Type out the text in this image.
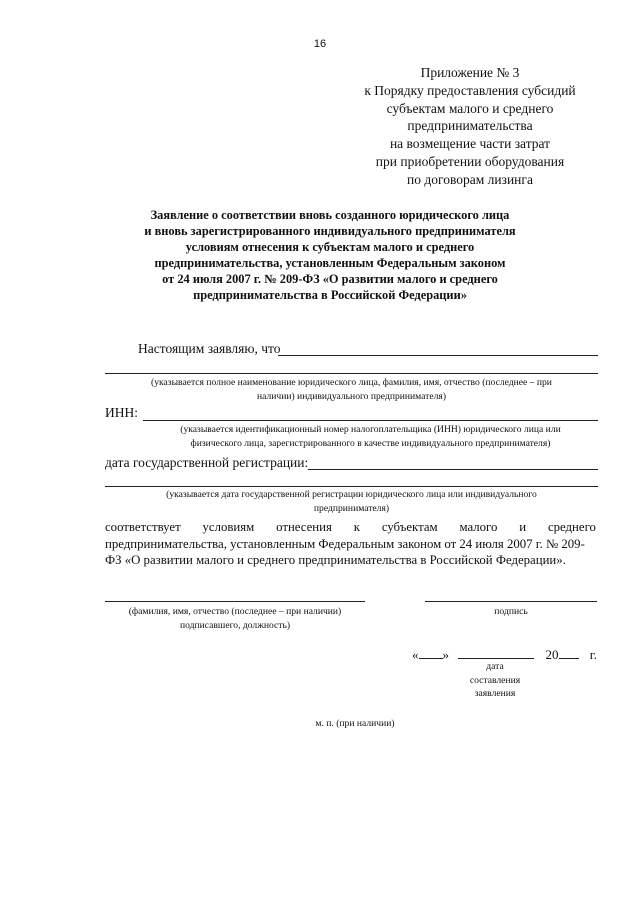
16
Приложение № 3
к Порядку предоставления субсидий
субъектам малого и среднего
предпринимательства
на возмещение части затрат
при приобретении оборудования
по договорам лизинга
Заявление о соответствии вновь созданного юридического лица
и вновь зарегистрированного индивидуального предпринимателя
условиям отнесения к субъектам малого и среднего
предпринимательства, установленным Федеральным законом
от 24 июля 2007 г. № 209-ФЗ «О развитии малого и среднего
предпринимательства в Российской Федерации»
Настоящим заявляю, что
(указывается полное наименование юридического лица, фамилия, имя, отчество (последнее – при
наличии) индивидуального предпринимателя)
ИНН:
(указывается идентификационный номер налогоплательщика (ИНН) юридического лица или
физического лица, зарегистрированного в качестве индивидуального предпринимателя)
дата государственной регистрации:
(указывается дата государственной регистрации юридического лица или индивидуального
предпринимателя)
соответствует условиям отнесения к субъектам малого и среднего
предпринимательства, установленным Федеральным законом от 24 июля 2007 г. № 209-
ФЗ «О развитии малого и среднего предпринимательства в Российской Федерации».
(фамилия, имя, отчество (последнее – при наличии)
подписавшего, должность)
подпись
« »	20 г.
дата
составления
заявления
м. п. (при наличии)
